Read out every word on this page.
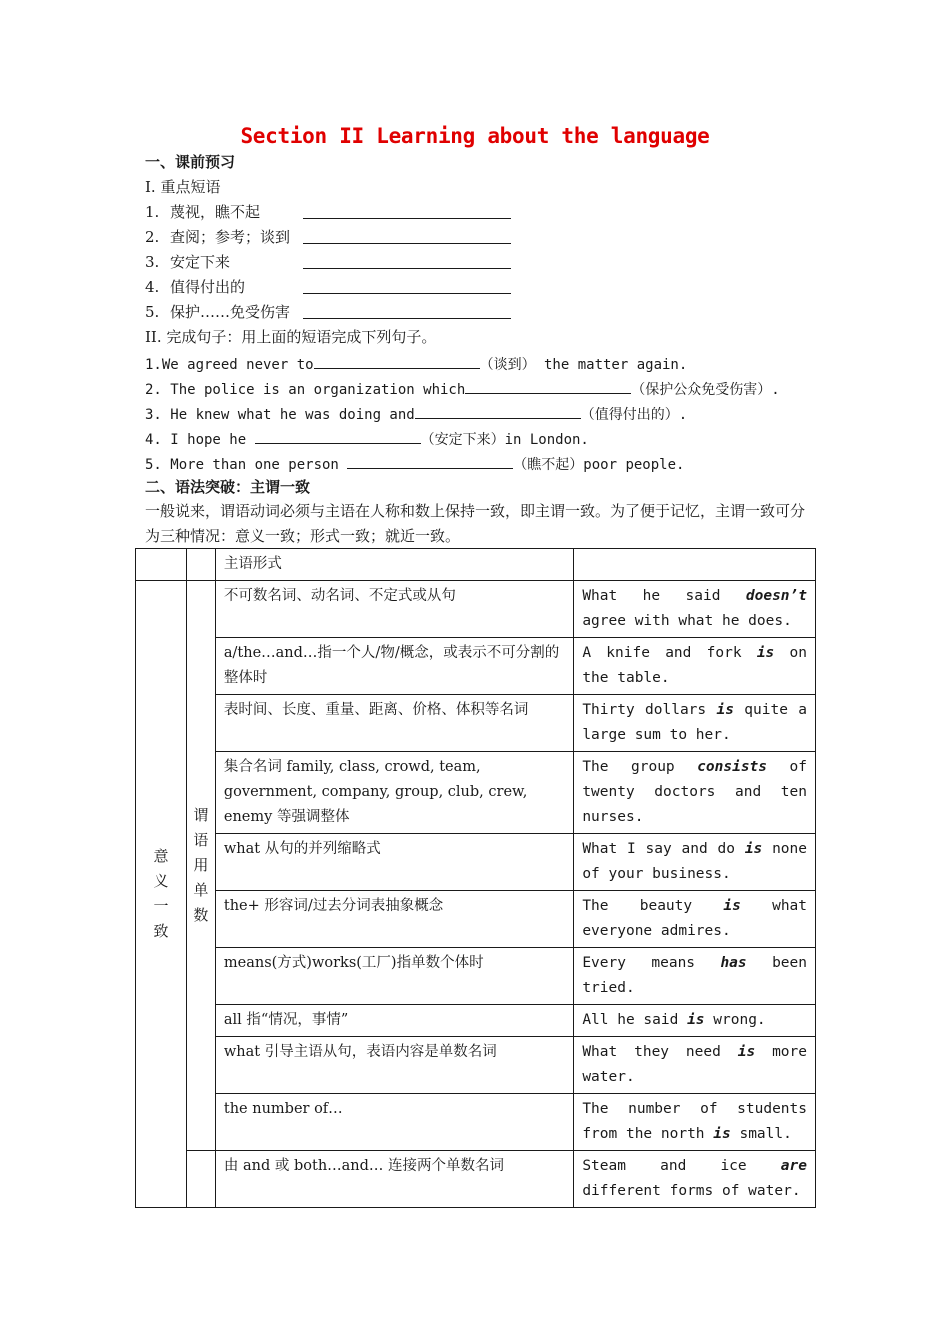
Section II Learning about the language
一、课前预习
I. 重点短语
1. 蔑视，瞧不起
2. 查阅；参考；谈到
3. 安定下来
4. 值得付出的
5. 保护……免受伤害
II. 完成句子：用上面的短语完成下列句子。
1.We agreed never to	（谈到） the matter again.
2. The police is an organization which	（保护公众免受伤害）.
3. He knew what he was doing and	（值得付出的）.
4. I hope he	（安定下来）in London.
5. More than one person	（瞧不起）poor people.
二、语法突破：主谓一致
一般说来，谓语动词必须与主语在人称和数上保持一致，即主谓一致。为了便于记忆，主谓一致可分为三种情况：意义一致；形式一致；就近一致。
		主语形式	
意义一致	谓语用单数	不可数名词、动名词、不定式或从句	What he said doesn’t agree with what he does.
		a/the…and…指一个人/物/概念，或表示不可分割的整体时	A knife and fork is on the table.
		表时间、长度、重量、距离、价格、体积等名词	Thirty dollars is quite a large sum to her.
		集合名词 family, class, crowd, team, government, company, group, club, crew, enemy 等强调整体	The group consists of twenty doctors and ten nurses.
		what 从句的并列缩略式	What I say and do is none of your business.
		the+ 形容词/过去分词表抽象概念	The beauty is what everyone admires.
		means(方式)works(工厂)指单数个体时	Every means has been tried.
		all 指“情况，事情”	All he said is wrong.
		what 引导主语从句，表语内容是单数名词	What they need is more water.
		the number of…	The number of students from the north is small.
		由 and 或 both…and… 连接两个单数名词	Steam and ice are different forms of water.
